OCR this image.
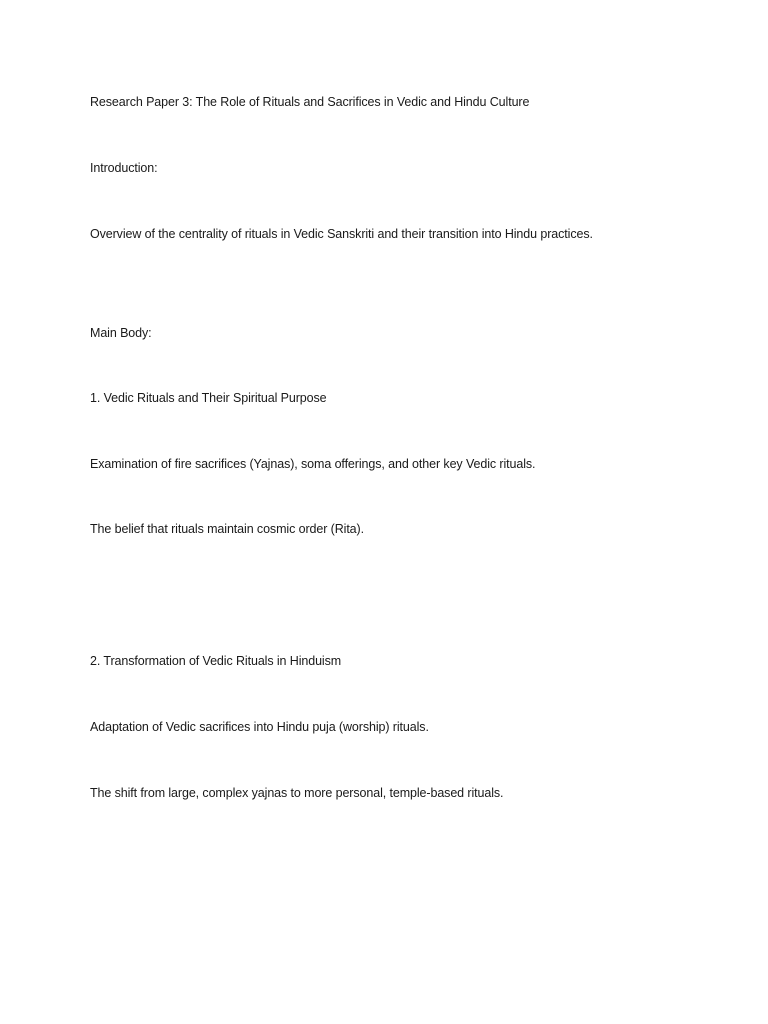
Research Paper 3: The Role of Rituals and Sacrifices in Vedic and Hindu Culture
Introduction:
Overview of the centrality of rituals in Vedic Sanskriti and their transition into Hindu practices.
Main Body:
1. Vedic Rituals and Their Spiritual Purpose
Examination of fire sacrifices (Yajnas), soma offerings, and other key Vedic rituals.
The belief that rituals maintain cosmic order (Rita).
2. Transformation of Vedic Rituals in Hinduism
Adaptation of Vedic sacrifices into Hindu puja (worship) rituals.
The shift from large, complex yajnas to more personal, temple-based rituals.
